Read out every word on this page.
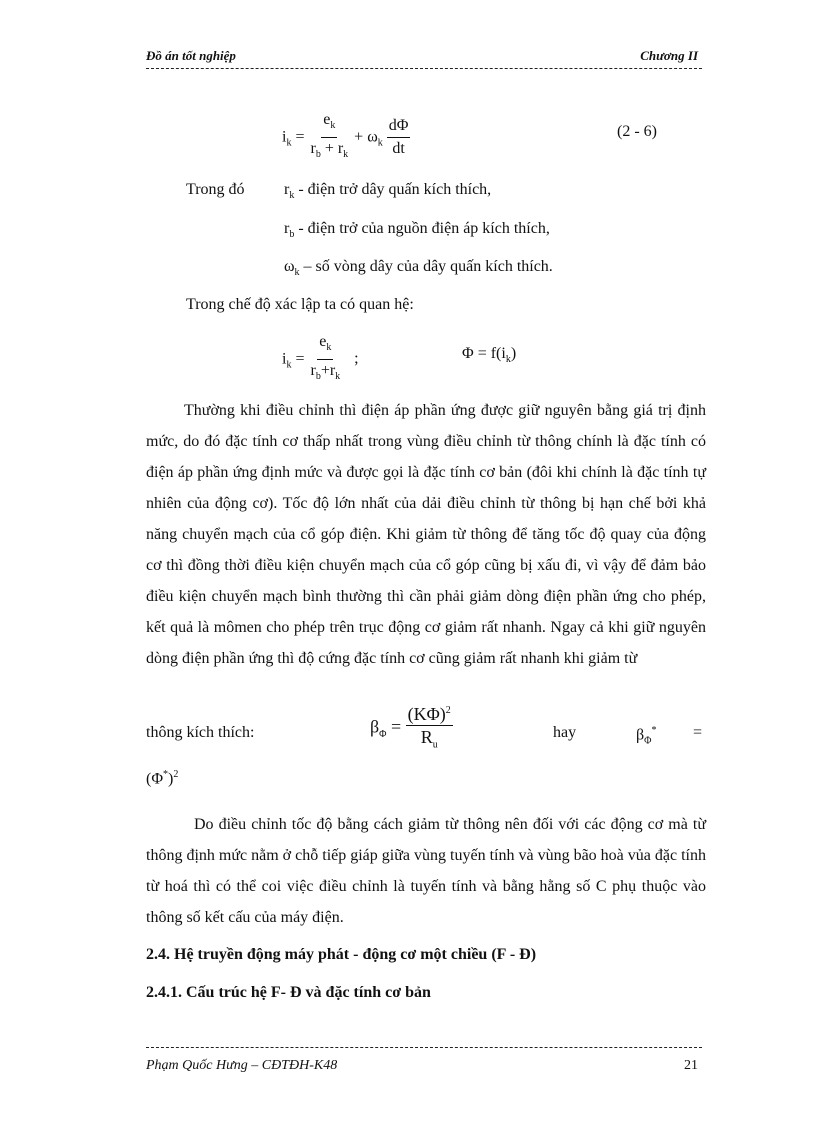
Đồ án tốt nghiệp	Chương II
$i_k = \frac{e_k}{r_b + r_k} + \omega_k \frac{d\Phi}{dt}$	(2 - 6)
Trong đó $r_k$ - điện trở dây quấn kích thích,
$r_b$ - điện trở của nguồn điện áp kích thích,
$\omega_k$ – số vòng dây của dây quấn kích thích.
Trong chế độ xác lập ta có quan hệ:
$i_k = \frac{e_k}{r_b+r_k}$ ;	$\Phi = f(i_k)$

Thường khi điều chỉnh thì điện áp phần ứng được giữ nguyên bằng giá trị định mức, do đó đặc tính cơ thấp nhất trong vùng điều chỉnh từ thông chính là đặc tính có điện áp phần ứng định mức và được gọi là đặc tính cơ bản (đôi khi chính là đặc tính tự nhiên của động cơ). Tốc độ lớn nhất của dải điều chỉnh từ thông bị hạn chế bởi khả năng chuyển mạch của cổ góp điện. Khi giảm từ thông để tăng tốc độ quay của động cơ thì đồng thời điều kiện chuyển mạch của cổ góp cũng bị xấu đi, vì vậy để đảm bảo điều kiện chuyển mạch bình thường thì cần phải giảm dòng điện phần ứng cho phép, kết quả là mômen cho phép trên trục động cơ giảm rất nhanh. Ngay cả khi giữ nguyên dòng điện phần ứng thì độ cứng đặc tính cơ cũng giảm rất nhanh khi giảm từ

thông kích thích:	$\beta_\Phi = \frac{(K\Phi)^2}{R_u}$	hay	$\beta_\Phi^*$ =
$(\Phi^*)^2$

Do điều chỉnh tốc độ bằng cách giảm từ thông nên đối với các động cơ mà từ thông định mức nằm ở chỗ tiếp giáp giữa vùng tuyến tính và vùng bão hoà vủa đặc tính từ hoá thì có thể coi việc điều chỉnh là tuyến tính và bằng hằng số C phụ thuộc vào thông số kết cấu của máy điện.

2.4. Hệ truyền động máy phát - động cơ một chiều (F - Đ)
2.4.1. Cấu trúc hệ F- Đ và đặc tính cơ bản
Phạm Quốc Hưng – CĐTĐH-K48	21
